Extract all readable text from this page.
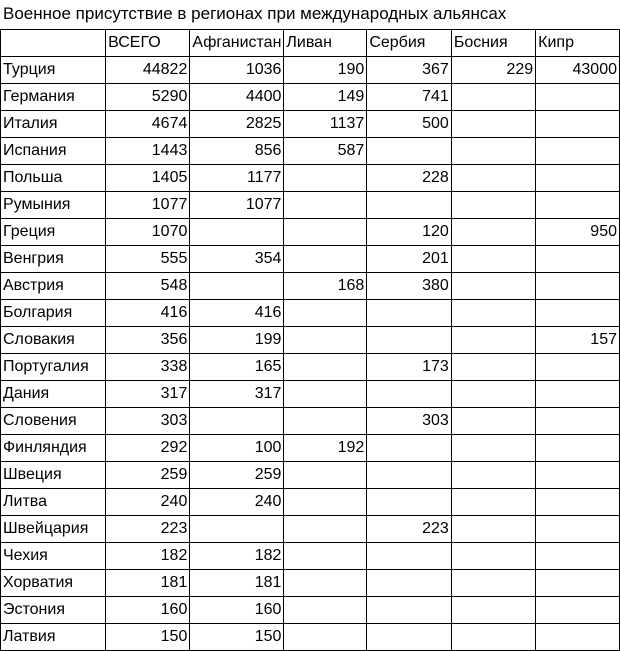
Военное присутствие в регионах при международных альянсах
	ВСЕГО	Афганистан	Ливан	Сербия	Босния	Кипр
Турция	44822	1036	190	367	229	43000
Германия	5290	4400	149	741		
Италия	4674	2825	1137	500		
Испания	1443	856	587			
Польша	1405	1177		228		
Румыния	1077	1077				
Греция	1070			120		950
Венгрия	555	354		201		
Австрия	548		168	380		
Болгария	416	416				
Словакия	356	199				157
Португалия	338	165		173		
Дания	317	317				
Словения	303			303		
Финляндия	292	100	192			
Швеция	259	259				
Литва	240	240				
Швейцария	223			223		
Чехия	182	182				
Хорватия	181	181				
Эстония	160	160				
Латвия	150	150				
